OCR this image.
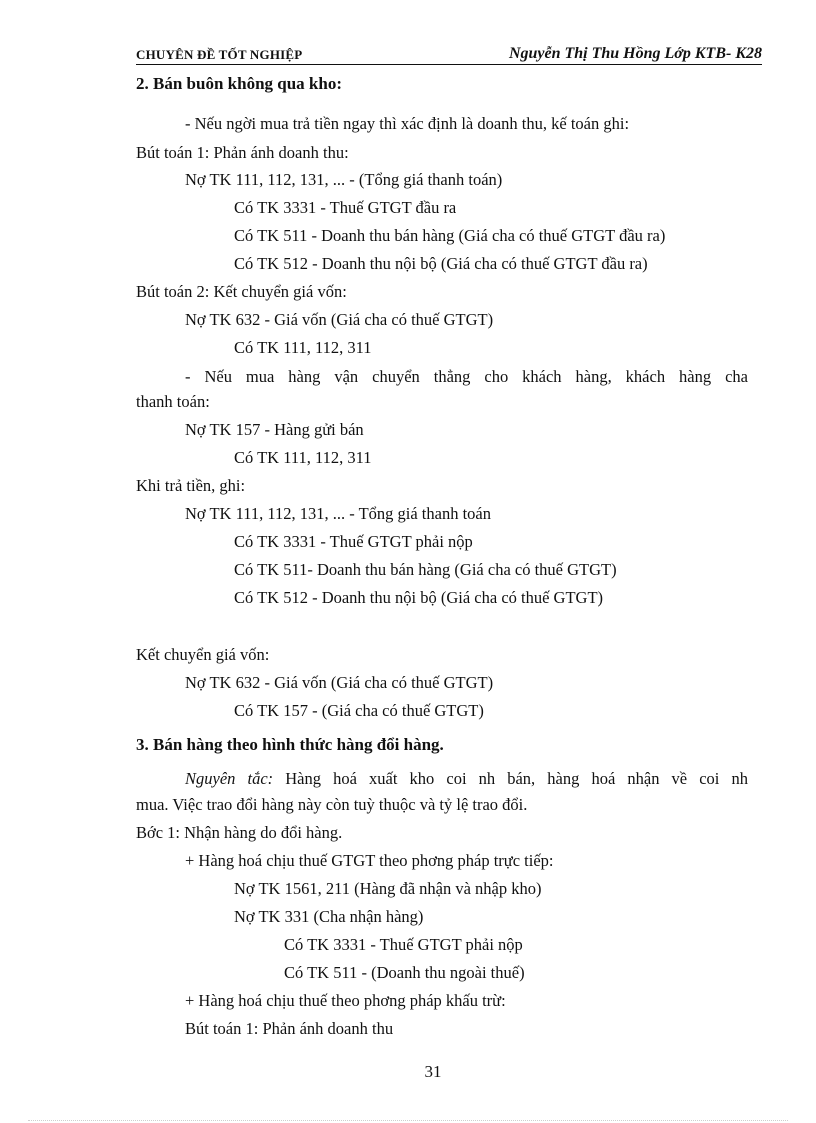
CHUYÊN ĐỀ TỐT NGHIỆP	Nguyễn Thị Thu Hồng Lớp KTB- K28
2. Bán buôn không qua kho:
- Nếu ngời mua trả tiền ngay thì xác định là doanh thu, kế toán ghi:
Bút toán 1: Phản ánh doanh thu:
Nợ TK 111, 112, 131, ... - (Tổng giá thanh toán)
Có TK 3331 - Thuế GTGT đầu ra
Có TK 511 - Doanh thu bán hàng (Giá cha có thuế GTGT đầu ra)
Có TK 512 - Doanh thu nội bộ (Giá cha có thuế GTGT đầu ra)
Bút toán 2: Kết chuyển giá vốn:
Nợ TK 632 - Giá vốn (Giá cha có thuế GTGT)
Có TK 111, 112, 311
- Nếu mua hàng vận chuyển thẳng cho khách hàng, khách hàng cha
thanh toán:
Nợ TK 157 - Hàng gửi bán
Có TK 111, 112, 311
Khi trả tiền, ghi:
Nợ TK 111, 112, 131, ... - Tổng giá thanh toán
Có TK 3331 - Thuế GTGT phải nộp
Có TK 511- Doanh thu bán hàng (Giá cha có thuế GTGT)
Có TK 512 - Doanh thu nội bộ (Giá cha có thuế GTGT)
Kết chuyển giá vốn:
Nợ TK 632 - Giá vốn (Giá cha có thuế GTGT)
Có TK 157 - (Giá cha có thuế GTGT)
3. Bán hàng theo hình thức hàng đổi hàng.
Nguyên tắc: Hàng hoá xuất kho coi nh bán, hàng hoá nhận về coi nh
mua. Việc trao đổi hàng này còn tuỳ thuộc và tỷ lệ trao đổi.
Bớc 1: Nhận hàng do đổi hàng.
+ Hàng hoá chịu thuế GTGT theo phơng pháp trực tiếp:
Nợ TK 1561, 211 (Hàng đã nhận và nhập kho)
Nợ TK 331 (Cha nhận hàng)
Có TK 3331 - Thuế GTGT phải nộp
Có TK 511 - (Doanh thu ngoài thuế)
+ Hàng hoá chịu thuế theo phơng pháp khấu trừ:
Bút toán 1: Phản ánh doanh thu
31
